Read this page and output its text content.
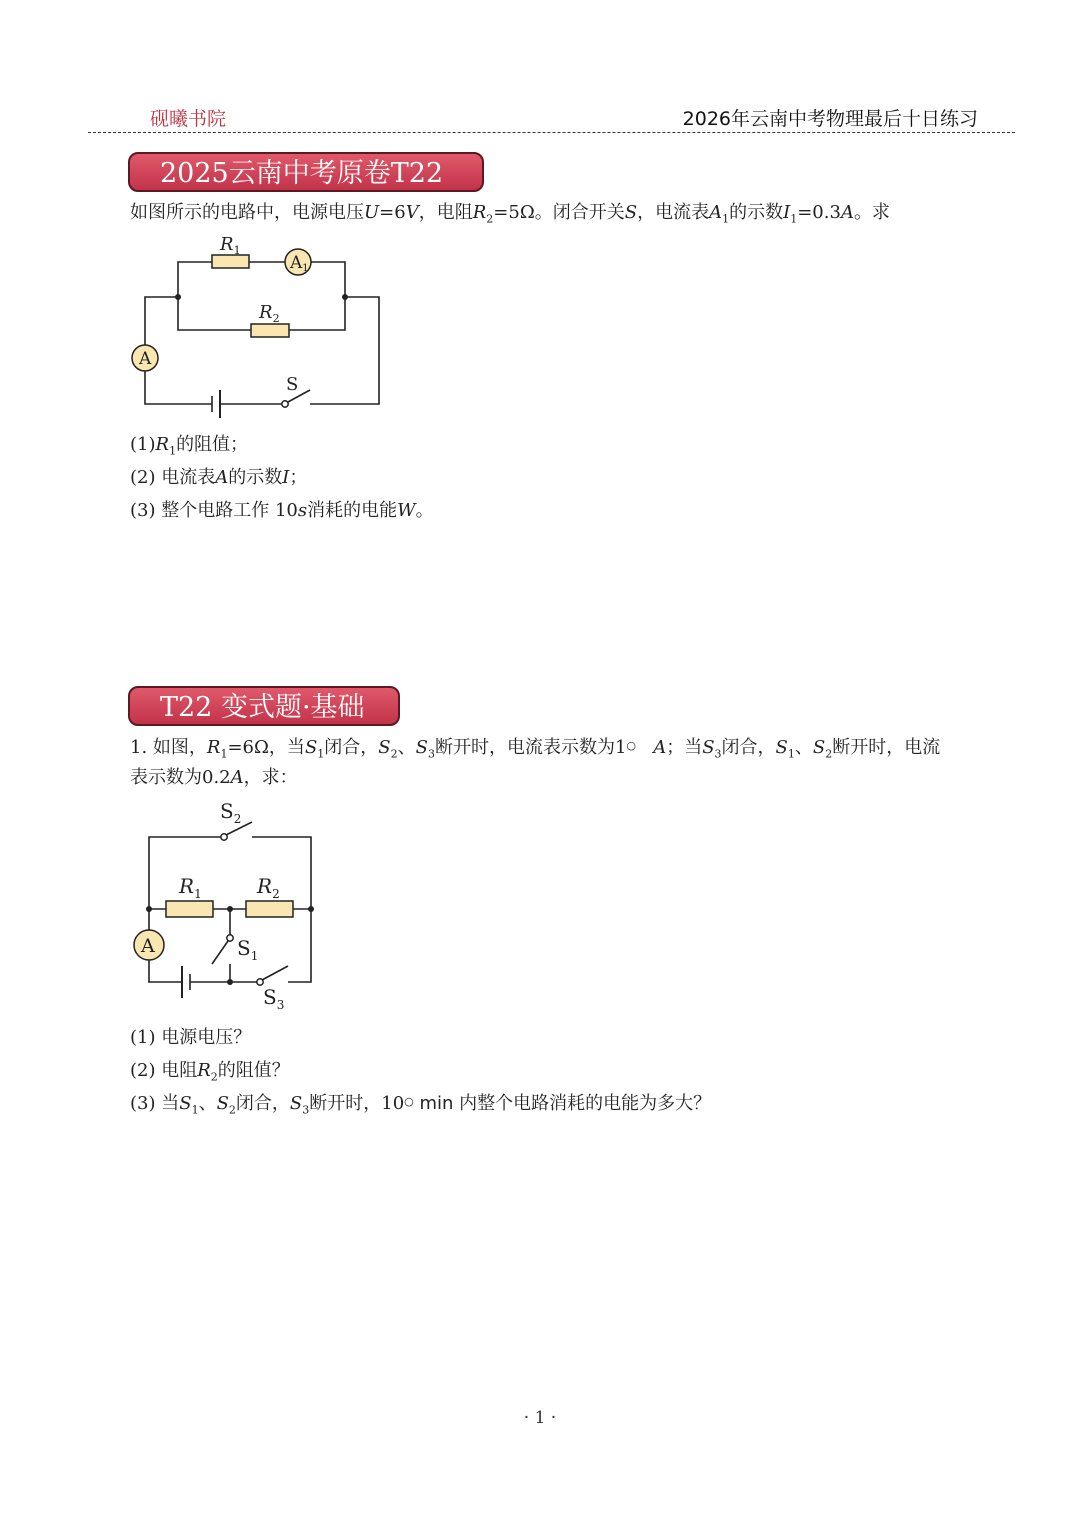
砚曦书院	2026年云南中考物理最后十日练习
2025云南中考原卷T22
如图所示的电路中，电源电压U=6V，电阻$R_2=5\Omega$。闭合开关S，电流表$A_1$的示数$I_1=0.3A$。求
$R_1$
A1
$R_2$
A
S
$(1)R_1$的阻值；
(2) 电流表A的示数I；
(3) 整个电路工作 10s消耗的电能W。
T22 变式题·基础
1. 如图，$R_1=6\Omega$，当$S_1$闭合，$S_2$、$S_3$断开时，电流表示数为1○ A；当$S_3$闭合，$S_1$、$S_2$断开时，电流
表示数为0.2A，求：
A
$S_2$
$R_1$	$R_2$
$S_1$
$S_3$
(1) 电源电压？
(2) 电阻$R_2$的阻值？
(3) 当$S_1$、$S_2$闭合，$S_3$断开时，10○ min 内整个电路消耗的电能为多大？
· 1 ·
